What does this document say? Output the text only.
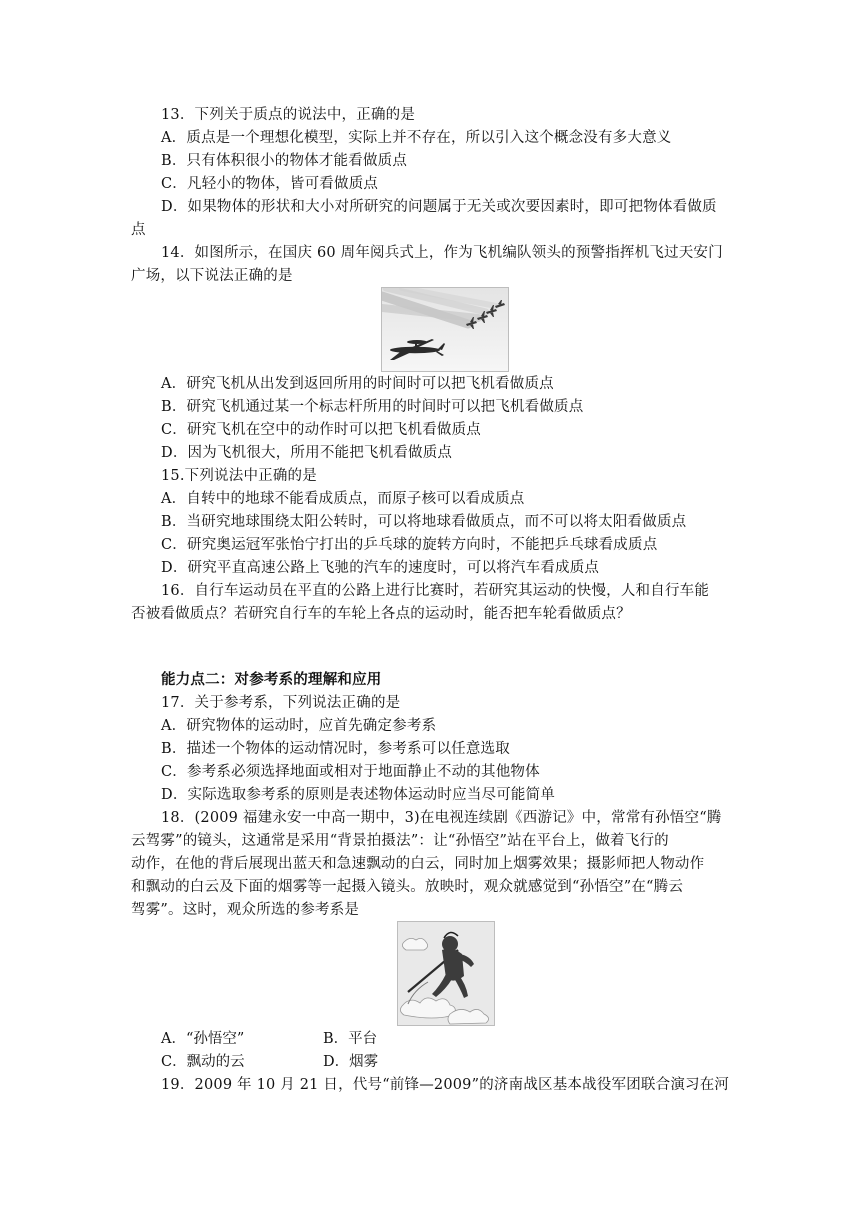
13．下列关于质点的说法中，正确的是
A．质点是一个理想化模型，实际上并不存在，所以引入这个概念没有多大意义
B．只有体积很小的物体才能看做质点
C．凡轻小的物体，皆可看做质点
D．如果物体的形状和大小对所研究的问题属于无关或次要因素时，即可把物体看做质
点
14．如图所示，在国庆 60 周年阅兵式上，作为飞机编队领头的预警指挥机飞过天安门
广场，以下说法正确的是
A．研究飞机从出发到返回所用的时间时可以把飞机看做质点
B．研究飞机通过某一个标志杆所用的时间时可以把飞机看做质点
C．研究飞机在空中的动作时可以把飞机看做质点
D．因为飞机很大，所用不能把飞机看做质点
15.下列说法中正确的是
A．自转中的地球不能看成质点，而原子核可以看成质点
B．当研究地球围绕太阳公转时，可以将地球看做质点，而不可以将太阳看做质点
C．研究奥运冠军张怡宁打出的乒乓球的旋转方向时，不能把乒乓球看成质点
D．研究平直高速公路上飞驰的汽车的速度时，可以将汽车看成质点
16．自行车运动员在平直的公路上进行比赛时，若研究其运动的快慢，人和自行车能
否被看做质点？若研究自行车的车轮上各点的运动时，能否把车轮看做质点？
能力点二：对参考系的理解和应用
17．关于参考系，下列说法正确的是
A．研究物体的运动时，应首先确定参考系
B．描述一个物体的运动情况时，参考系可以任意选取
C．参考系必须选择地面或相对于地面静止不动的其他物体
D．实际选取参考系的原则是表述物体运动时应当尽可能简单
18．(2009 福建永安一中高一期中，3)在电视连续剧《西游记》中，常常有孙悟空“腾
云驾雾”的镜头，这通常是采用“背景拍摄法”：让“孙悟空”站在平台上，做着飞行的
动作，在他的背后展现出蓝天和急速飘动的白云，同时加上烟雾效果；摄影师把人物动作
和飘动的白云及下面的烟雾等一起摄入镜头。放映时，观众就感觉到“孙悟空”在“腾云
驾雾”。这时，观众所选的参考系是
A．“孙悟空”	B．平台
C．飘动的云	D．烟雾
19．2009 年 10 月 21 日，代号“前锋—2009”的济南战区基本战役军团联合演习在河
